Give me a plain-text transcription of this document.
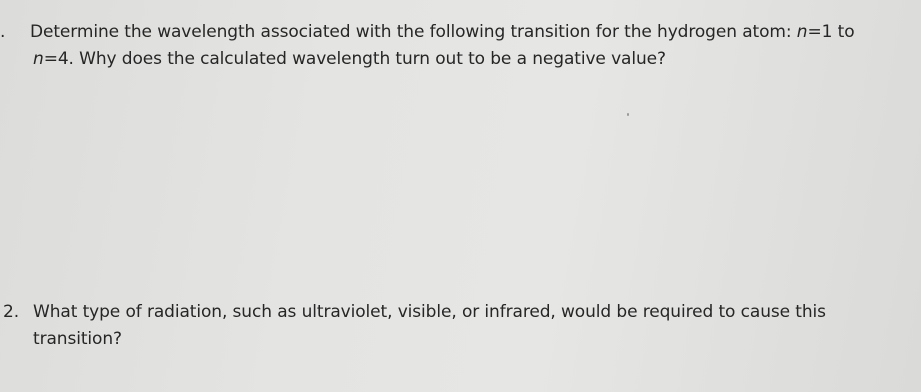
. Determine the wavelength associated with the following transition for the hydrogen atom: n=1 to
n=4. Why does the calculated wavelength turn out to be a negative value?
2. What type of radiation, such as ultraviolet, visible, or infrared, would be required to cause this
transition?
